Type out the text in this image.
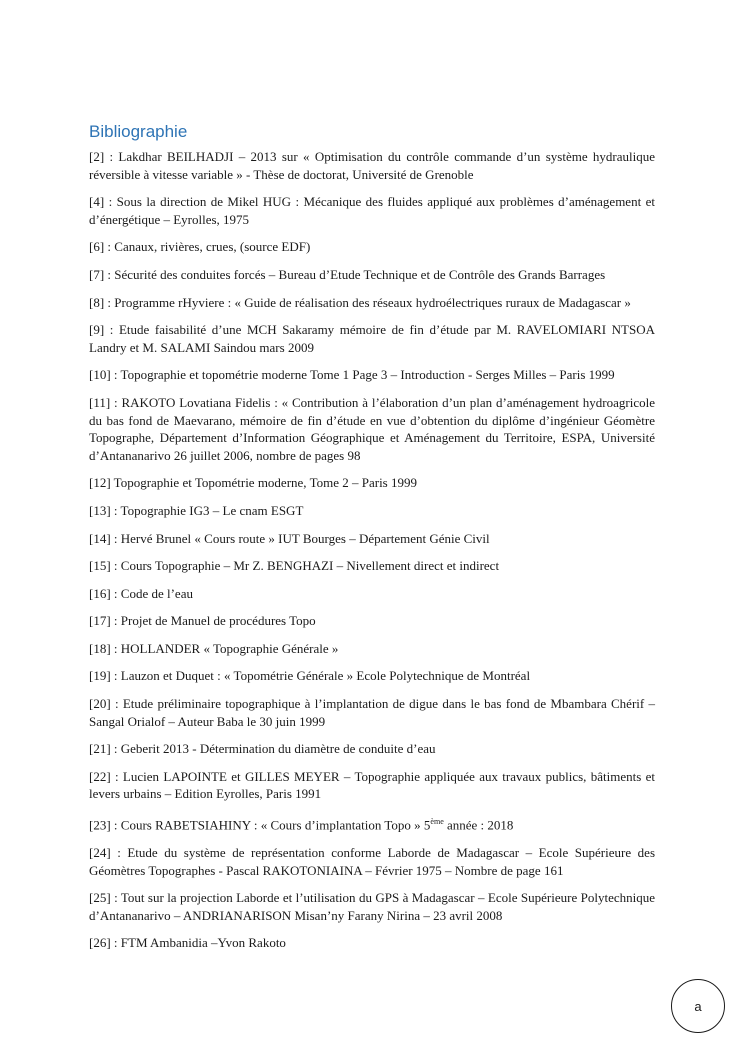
Bibliographie

[2] : Lakdhar BEILHADJI – 2013 sur « Optimisation du contrôle commande d’un système hydraulique réversible à vitesse variable » - Thèse de doctorat, Université de Grenoble

[4] : Sous la direction de Mikel HUG : Mécanique des fluides appliqué aux problèmes d’aménagement et d’énergétique – Eyrolles, 1975

[6] : Canaux, rivières, crues, (source EDF)

[7] : Sécurité des conduites forcés – Bureau d’Etude Technique et de Contrôle des Grands Barrages

[8] : Programme rHyviere : « Guide de réalisation des réseaux hydroélectriques ruraux de Madagascar »

[9] : Etude faisabilité d’une MCH Sakaramy mémoire de fin d’étude par M. RAVELOMIARI NTSOA Landry et M. SALAMI Saindou mars 2009

[10] : Topographie et topométrie moderne Tome 1 Page 3 – Introduction - Serges Milles – Paris 1999

[11] : RAKOTO Lovatiana Fidelis : « Contribution à l’élaboration d’un plan d’aménagement hydroagricole du bas fond de Maevarano, mémoire de fin d’étude en vue d’obtention du diplôme d’ingénieur Géomètre Topographe, Département d’Information Géographique et Aménagement du Territoire, ESPA, Université d’Antananarivo 26 juillet 2006, nombre de pages 98

[12] Topographie et Topométrie moderne, Tome 2 – Paris 1999

[13] : Topographie IG3 – Le cnam ESGT

[14] : Hervé Brunel « Cours route » IUT Bourges – Département Génie Civil

[15] : Cours Topographie – Mr Z. BENGHAZI – Nivellement direct et indirect

[16] : Code de l’eau

[17] : Projet de Manuel de procédures Topo

[18] : HOLLANDER « Topographie Générale »

[19] : Lauzon et Duquet : « Topométrie Générale » Ecole Polytechnique de Montréal

[20] : Etude préliminaire topographique à l’implantation de digue dans le bas fond de Mbambara Chérif – Sangal Orialof – Auteur Baba le 30 juin 1999

[21] : Geberit 2013 - Détermination du diamètre de conduite d’eau

[22] : Lucien LAPOINTE et GILLES MEYER – Topographie appliquée aux travaux publics, bâtiments et levers urbains – Edition Eyrolles, Paris 1991

[23] : Cours RABETSIAHINY : « Cours d’implantation Topo » 5ème année : 2018

[24] : Etude du système de représentation conforme Laborde de Madagascar – Ecole Supérieure des Géomètres Topographes - Pascal RAKOTONIAINA – Février 1975 – Nombre de page 161

[25] : Tout sur la projection Laborde et l’utilisation du GPS à Madagascar – Ecole Supérieure Polytechnique d’Antananarivo – ANDRIANARISON Misan’ny Farany Nirina – 23 avril 2008

[26] : FTM Ambanidia –Yvon Rakoto

a
